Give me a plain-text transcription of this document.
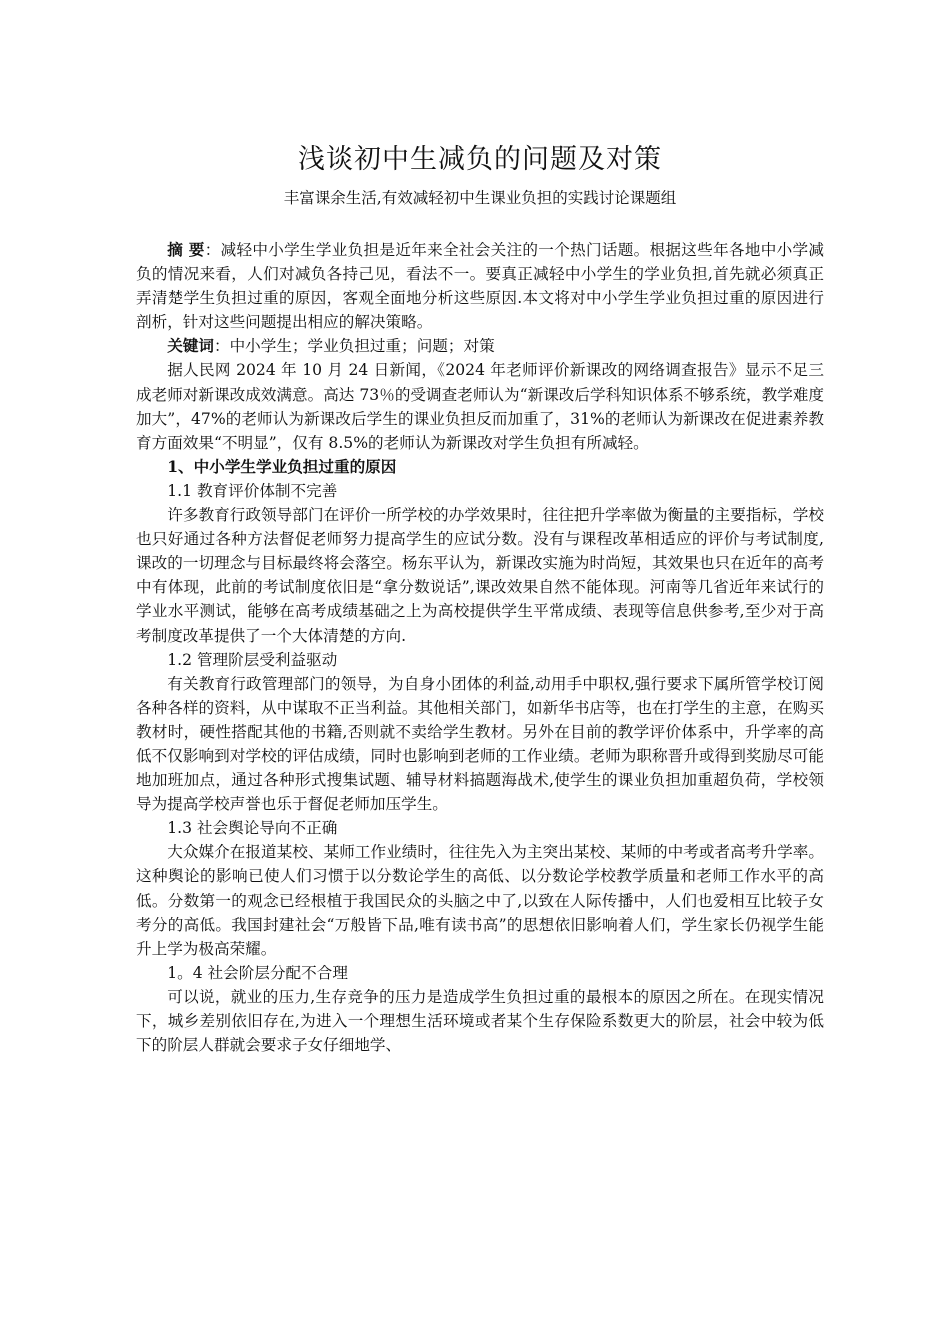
浅谈初中生减负的问题及对策
丰富课余生活,有效减轻初中生课业负担的实践讨论课题组

摘 要：减轻中小学生学业负担是近年来全社会关注的一个热门话题。根据这些年各地中小学减负的情况来看，人们对减负各持己见，看法不一。要真正减轻中小学生的学业负担,首先就必须真正弄清楚学生负担过重的原因，客观全面地分析这些原因.本文将对中小学生学业负担过重的原因进行剖析，针对这些问题提出相应的解决策略。

关键词：中小学生；学业负担过重；问题；对策

据人民网 2024 年 10 月 24 日新闻，《2024 年老师评价新课改的网络调查报告》显示不足三成老师对新课改成效满意。高达 73％的受调查老师认为“新课改后学科知识体系不够系统，教学难度加大”，47%的老师认为新课改后学生的课业负担反而加重了，31%的老师认为新课改在促进素养教育方面效果“不明显”，仅有 8.5%的老师认为新课改对学生负担有所减轻。

1、中小学生学业负担过重的原因

1.1 教育评价体制不完善

许多教育行政领导部门在评价一所学校的办学效果时，往往把升学率做为衡量的主要指标，学校也只好通过各种方法督促老师努力提高学生的应试分数。没有与课程改革相适应的评价与考试制度,课改的一切理念与目标最终将会落空。杨东平认为，新课改实施为时尚短，其效果也只在近年的高考中有体现，此前的考试制度依旧是“拿分数说话”,课改效果自然不能体现。河南等几省近年来试行的学业水平测试，能够在高考成绩基础之上为高校提供学生平常成绩、表现等信息供参考,至少对于高考制度改革提供了一个大体清楚的方向.

1.2 管理阶层受利益驱动

有关教育行政管理部门的领导，为自身小团体的利益,动用手中职权,强行要求下属所管学校订阅各种各样的资料，从中谋取不正当利益。其他相关部门，如新华书店等，也在打学生的主意，在购买教材时，硬性搭配其他的书籍,否则就不卖给学生教材。另外在目前的教学评价体系中，升学率的高低不仅影响到对学校的评估成绩，同时也影响到老师的工作业绩。老师为职称晋升或得到奖励尽可能地加班加点，通过各种形式搜集试题、辅导材料搞题海战术,使学生的课业负担加重超负荷，学校领导为提高学校声誉也乐于督促老师加压学生。

1.3 社会舆论导向不正确

大众媒介在报道某校、某师工作业绩时，往往先入为主突出某校、某师的中考或者高考升学率。这种舆论的影响已使人们习惯于以分数论学生的高低、以分数论学校教学质量和老师工作水平的高低。分数第一的观念已经根植于我国民众的头脑之中了,以致在人际传播中，人们也爱相互比较子女考分的高低。我国封建社会“万般皆下品,唯有读书高”的思想依旧影响着人们，学生家长仍视学生能升上学为极高荣耀。

1。4 社会阶层分配不合理

可以说，就业的压力,生存竞争的压力是造成学生负担过重的最根本的原因之所在。在现实情况下，城乡差别依旧存在,为进入一个理想生活环境或者某个生存保险系数更大的阶层，社会中较为低下的阶层人群就会要求子女仔细地学、
